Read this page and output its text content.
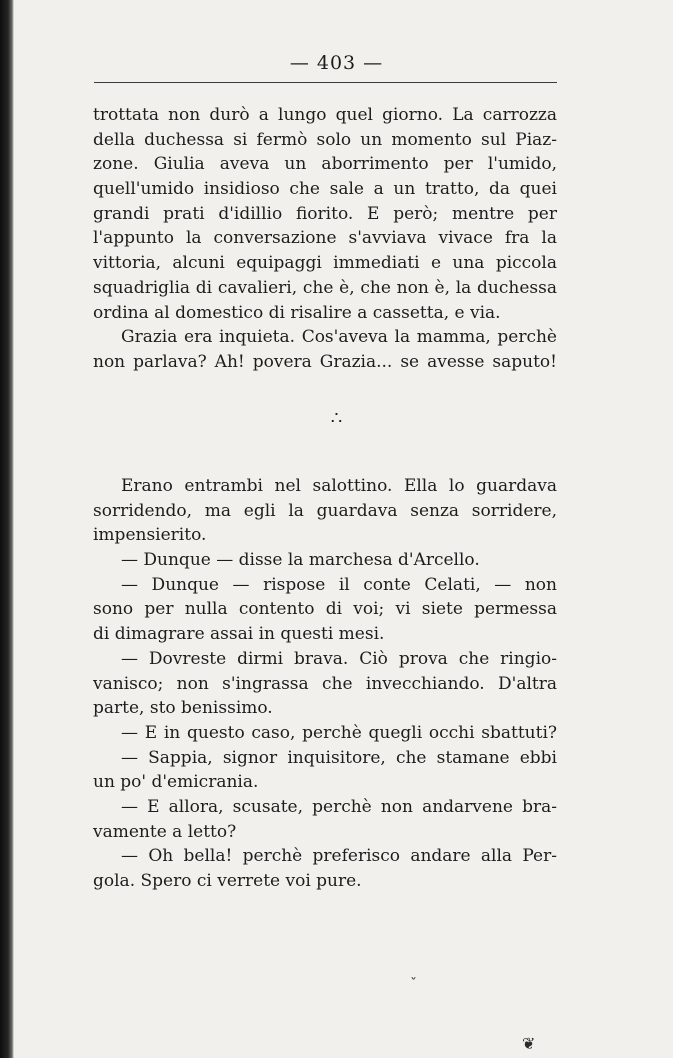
— 403 —
trottata non durò a lungo quel giorno. La carrozza
della duchessa si fermò solo un momento sul Piaz-
zone. Giulia aveva un aborrimento per l'umido,
quell'umido insidioso che sale a un tratto, da quei
grandi prati d'idillio fiorito. E però; mentre per
l'appunto la conversazione s'avviava vivace fra la
vittoria, alcuni equipaggi immediati e una piccola
squadriglia di cavalieri, che è, che non è, la duchessa
ordina al domestico di risalire a cassetta, e via.
Grazia era inquieta. Cos'aveva la mamma, perchè
non parlava? Ah! povera Grazia... se avesse saputo!
∴
Erano entrambi nel salottino. Ella lo guardava
sorridendo, ma egli la guardava senza sorridere,
impensierito.
— Dunque — disse la marchesa d'Arcello.
— Dunque — rispose il conte Celati, — non
sono per nulla contento di voi; vi siete permessa
di dimagrare assai in questi mesi.
— Dovreste dirmi brava. Ciò prova che ringio-
vanisco; non s'ingrassa che invecchiando. D'altra
parte, sto benissimo.
— E in questo caso, perchè quegli occhi sbattuti?
— Sappia, signor inquisitore, che stamane ebbi
un po' d'emicrania.
— E allora, scusate, perchè non andarvene bra-
vamente a letto?
— Oh bella! perchè preferisco andare alla Per-
gola. Spero ci verrete voi pure.
ˇ
❦
